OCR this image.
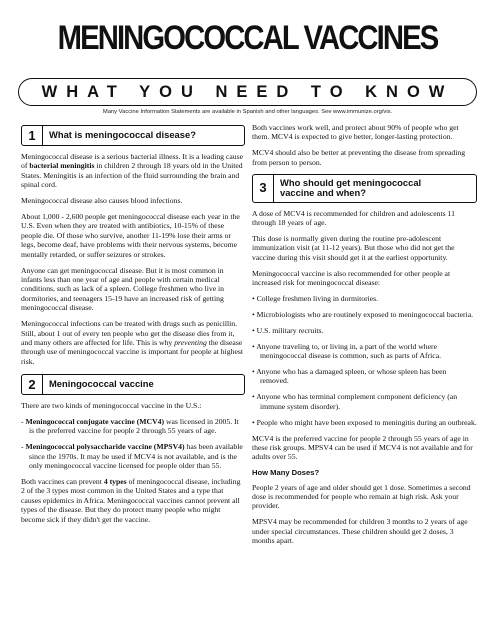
MENINGOCOCCAL VACCINES
WHAT YOU NEED TO KNOW
Many Vaccine Information Statements are available in Spanish and other languages. See www.immunize.org/vis.
1	What is meningococcal disease?

Meningococcal disease is a serious bacterial illness. It is a leading cause of bacterial meningitis in children 2 through 18 years old in the United States. Meningitis is an infection of the fluid surrounding the brain and spinal cord.

Meningococcal disease also causes blood infections.

About 1,000 - 2,600 people get meningococcal disease each year in the U.S. Even when they are treated with antibiotics, 10-15% of these people die. Of those who survive, another 11-19% lose their arms or legs, become deaf, have problems with their nervous systems, become mentally retarded, or suffer seizures or strokes.

Anyone can get meningococcal disease. But it is most common in infants less than one year of age and people with certain medical conditions, such as lack of a spleen. College freshmen who live in dormitories, and teenagers 15-19 have an increased risk of getting meningococcal disease.

Meningococcal infections can be treated with drugs such as penicillin. Still, about 1 out of every ten people who get the disease dies from it, and many others are affected for life. This is why preventing the disease through use of meningococcal vaccine is important for people at highest risk.

2	Meningococcal vaccine

There are two kinds of meningococcal vaccine in the U.S.:

- Meningococcal conjugate vaccine (MCV4) was licensed in 2005. It is the preferred vaccine for people 2 through 55 years of age.

- Meningococcal polysaccharide vaccine (MPSV4) has been available since the 1970s. It may be used if MCV4 is not available, and is the only meningococcal vaccine licensed for people older than 55.

Both vaccines can prevent 4 types of meningococcal disease, including 2 of the 3 types most common in the United States and a type that causes epidemics in Africa. Meningococcal vaccines cannot prevent all types of the disease. But they do protect many people who might become sick if they didn't get the vaccine.

Both vaccines work well, and protect about 90% of people who get them. MCV4 is expected to give better, longer-lasting protection.

MCV4 should also be better at preventing the disease from spreading from person to person.

3	Who should get meningococcal
vaccine and when?

A dose of MCV4 is recommended for children and adolescents 11 through 18 years of age.

This dose is normally given during the routine pre-adolescent immunization visit (at 11-12 years). But those who did not get the vaccine during this visit should get it at the earliest opportunity.

Meningococcal vaccine is also recommended for other people at increased risk for meningococcal disease:

• College freshmen living in dormitories.

• Microbiologists who are routinely exposed to meningococcal bacteria.

• U.S. military recruits.

• Anyone traveling to, or living in, a part of the world where meningococcal disease is common, such as parts of Africa.

• Anyone who has a damaged spleen, or whose spleen has been removed.

• Anyone who has terminal complement component deficiency (an immune system disorder).

• People who might have been exposed to meningitis during an outbreak.

MCV4 is the preferred vaccine for people 2 through 55 years of age in these risk groups. MPSV4 can be used if MCV4 is not available and for adults over 55.

How Many Doses?

People 2 years of age and older should get 1 dose. Sometimes a second dose is recommended for people who remain at high risk. Ask your provider.

MPSV4 may be recommended for children 3 months to 2 years of age under special circumstances. These children should get 2 doses, 3 months apart.
